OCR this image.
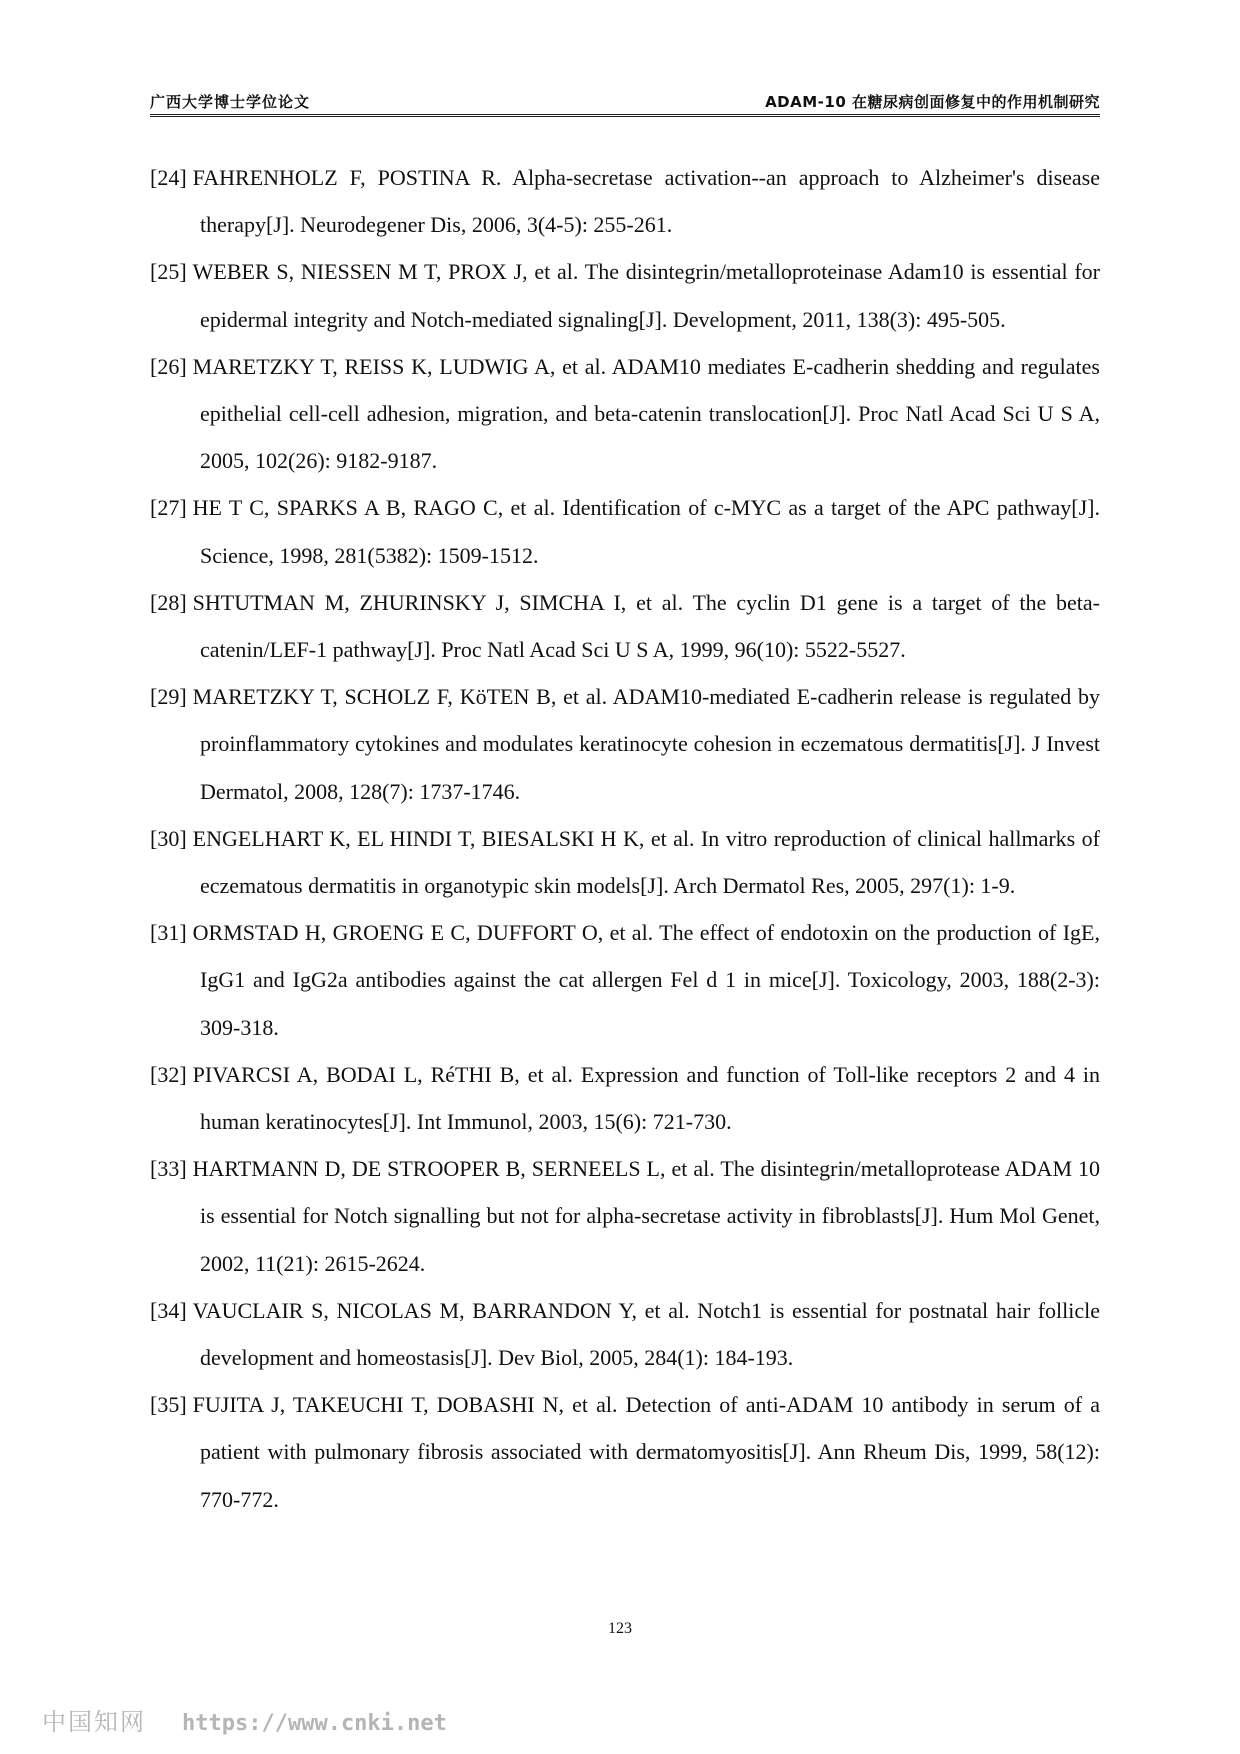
广西大学博士学位论文	ADAM-10 在糖尿病创面修复中的作用机制研究

[24] FAHRENHOLZ F, POSTINA R. Alpha-secretase activation--an approach to Alzheimer's disease therapy[J]. Neurodegener Dis, 2006, 3(4-5): 255-261.

[25] WEBER S, NIESSEN M T, PROX J, et al. The disintegrin/metalloproteinase Adam10 is essential for epidermal integrity and Notch-mediated signaling[J]. Development, 2011, 138(3): 495-505.

[26] MARETZKY T, REISS K, LUDWIG A, et al. ADAM10 mediates E-cadherin shedding and regulates epithelial cell-cell adhesion, migration, and beta-catenin translocation[J]. Proc Natl Acad Sci U S A, 2005, 102(26): 9182-9187.

[27] HE T C, SPARKS A B, RAGO C, et al. Identification of c-MYC as a target of the APC pathway[J]. Science, 1998, 281(5382): 1509-1512.

[28] SHTUTMAN M, ZHURINSKY J, SIMCHA I, et al. The cyclin D1 gene is a target of the beta-catenin/LEF-1 pathway[J]. Proc Natl Acad Sci U S A, 1999, 96(10): 5522-5527.

[29] MARETZKY T, SCHOLZ F, KöTEN B, et al. ADAM10-mediated E-cadherin release is regulated by proinflammatory cytokines and modulates keratinocyte cohesion in eczematous dermatitis[J]. J Invest Dermatol, 2008, 128(7): 1737-1746.

[30] ENGELHART K, EL HINDI T, BIESALSKI H K, et al. In vitro reproduction of clinical hallmarks of eczematous dermatitis in organotypic skin models[J]. Arch Dermatol Res, 2005, 297(1): 1-9.

[31] ORMSTAD H, GROENG E C, DUFFORT O, et al. The effect of endotoxin on the production of IgE, IgG1 and IgG2a antibodies against the cat allergen Fel d 1 in mice[J]. Toxicology, 2003, 188(2-3): 309-318.

[32] PIVARCSI A, BODAI L, RéTHI B, et al. Expression and function of Toll-like receptors 2 and 4 in human keratinocytes[J]. Int Immunol, 2003, 15(6): 721-730.

[33] HARTMANN D, DE STROOPER B, SERNEELS L, et al. The disintegrin/metalloprotease ADAM 10 is essential for Notch signalling but not for alpha-secretase activity in fibroblasts[J]. Hum Mol Genet, 2002, 11(21): 2615-2624.

[34] VAUCLAIR S, NICOLAS M, BARRANDON Y, et al. Notch1 is essential for postnatal hair follicle development and homeostasis[J]. Dev Biol, 2005, 284(1): 184-193.

[35] FUJITA J, TAKEUCHI T, DOBASHI N, et al. Detection of anti-ADAM 10 antibody in serum of a patient with pulmonary fibrosis associated with dermatomyositis[J]. Ann Rheum Dis, 1999, 58(12): 770-772.

123
中国知网 https://www.cnki.net
